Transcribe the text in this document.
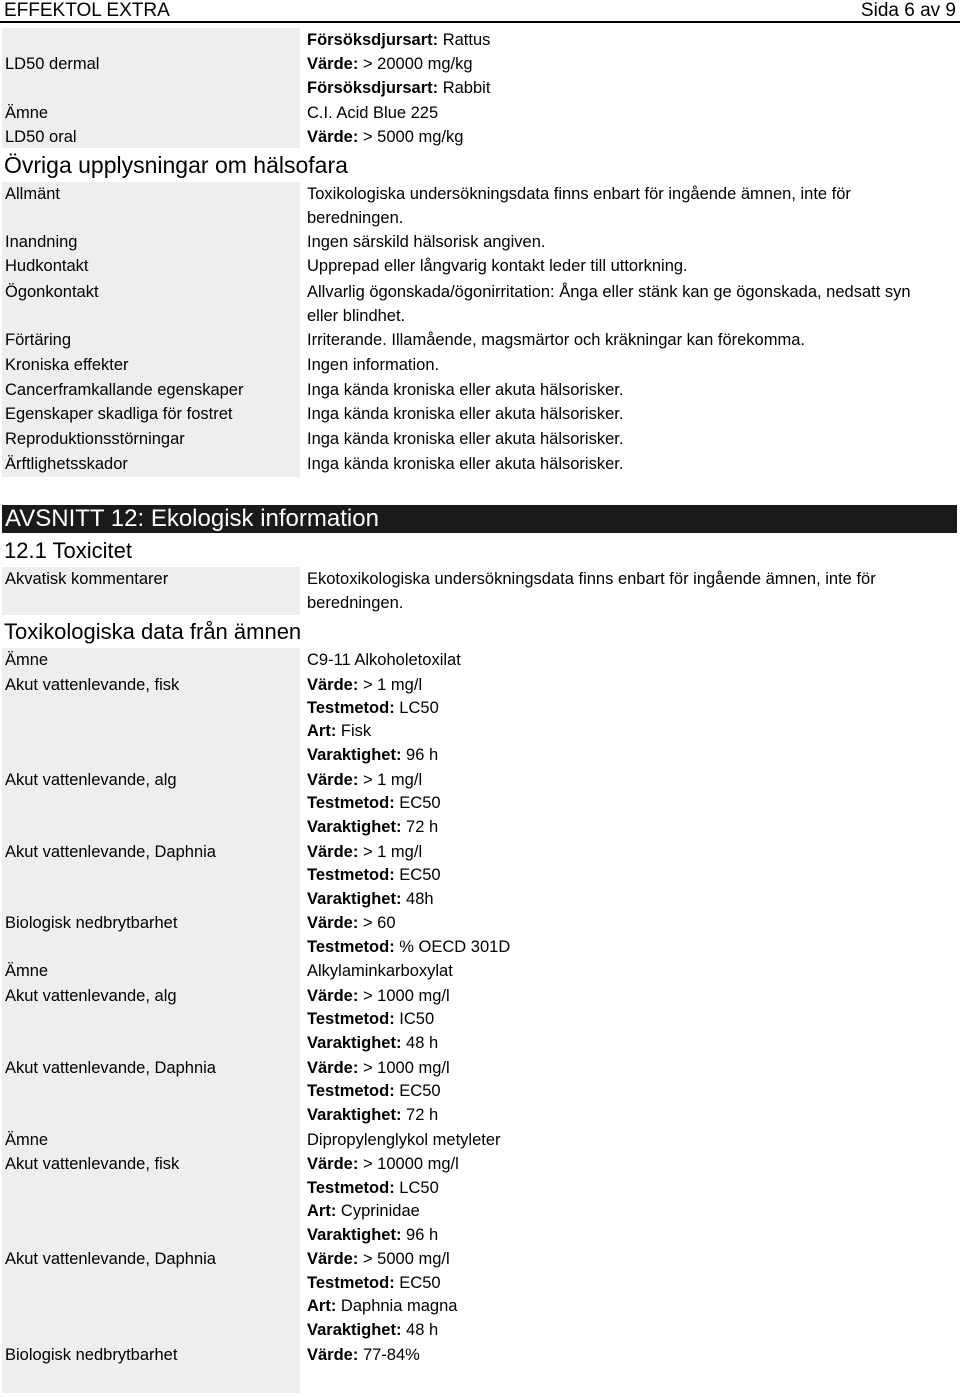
EFFEKTOL EXTRA	Sida 6 av 9
Försöksdjursart: Rattus
LD50 dermal	Värde: > 20000 mg/kg
Försöksdjursart: Rabbit
Ämne	C.I. Acid Blue 225
LD50 oral	Värde: > 5000 mg/kg
Övriga upplysningar om hälsofara
Allmänt	Toxikologiska undersökningsdata finns enbart för ingående ämnen, inte för beredningen.
Inandning	Ingen särskild hälsorisk angiven.
Hudkontakt	Upprepad eller långvarig kontakt leder till uttorkning.
Ögonkontakt	Allvarlig ögonskada/ögonirritation: Ånga eller stänk kan ge ögonskada, nedsatt syn eller blindhet.
Förtäring	Irriterande. Illamående, magsmärtor och kräkningar kan förekomma.
Kroniska effekter	Ingen information.
Cancerframkallande egenskaper	Inga kända kroniska eller akuta hälsorisker.
Egenskaper skadliga för fostret	Inga kända kroniska eller akuta hälsorisker.
Reproduktionsstörningar	Inga kända kroniska eller akuta hälsorisker.
Ärftlighetsskador	Inga kända kroniska eller akuta hälsorisker.
AVSNITT 12: Ekologisk information
12.1 Toxicitet
Akvatisk kommentarer	Ekotoxikologiska undersökningsdata finns enbart för ingående ämnen, inte för beredningen.
Toxikologiska data från ämnen
Ämne	C9-11 Alkoholetoxilat
Akut vattenlevande, fisk	Värde: > 1 mg/l
Testmetod: LC50
Art: Fisk
Varaktighet: 96 h
Akut vattenlevande, alg	Värde: > 1 mg/l
Testmetod: EC50
Varaktighet: 72 h
Akut vattenlevande, Daphnia	Värde: > 1 mg/l
Testmetod: EC50
Varaktighet: 48h
Biologisk nedbrytbarhet	Värde: > 60
Testmetod: % OECD 301D
Ämne	Alkylaminkarboxylat
Akut vattenlevande, alg	Värde: > 1000 mg/l
Testmetod: IC50
Varaktighet: 48 h
Akut vattenlevande, Daphnia	Värde: > 1000 mg/l
Testmetod: EC50
Varaktighet: 72 h
Ämne	Dipropylenglykol metyleter
Akut vattenlevande, fisk	Värde: > 10000 mg/l
Testmetod: LC50
Art: Cyprinidae
Varaktighet: 96 h
Akut vattenlevande, Daphnia	Värde: > 5000 mg/l
Testmetod: EC50
Art: Daphnia magna
Varaktighet: 48 h
Biologisk nedbrytbarhet	Värde: 77-84%
